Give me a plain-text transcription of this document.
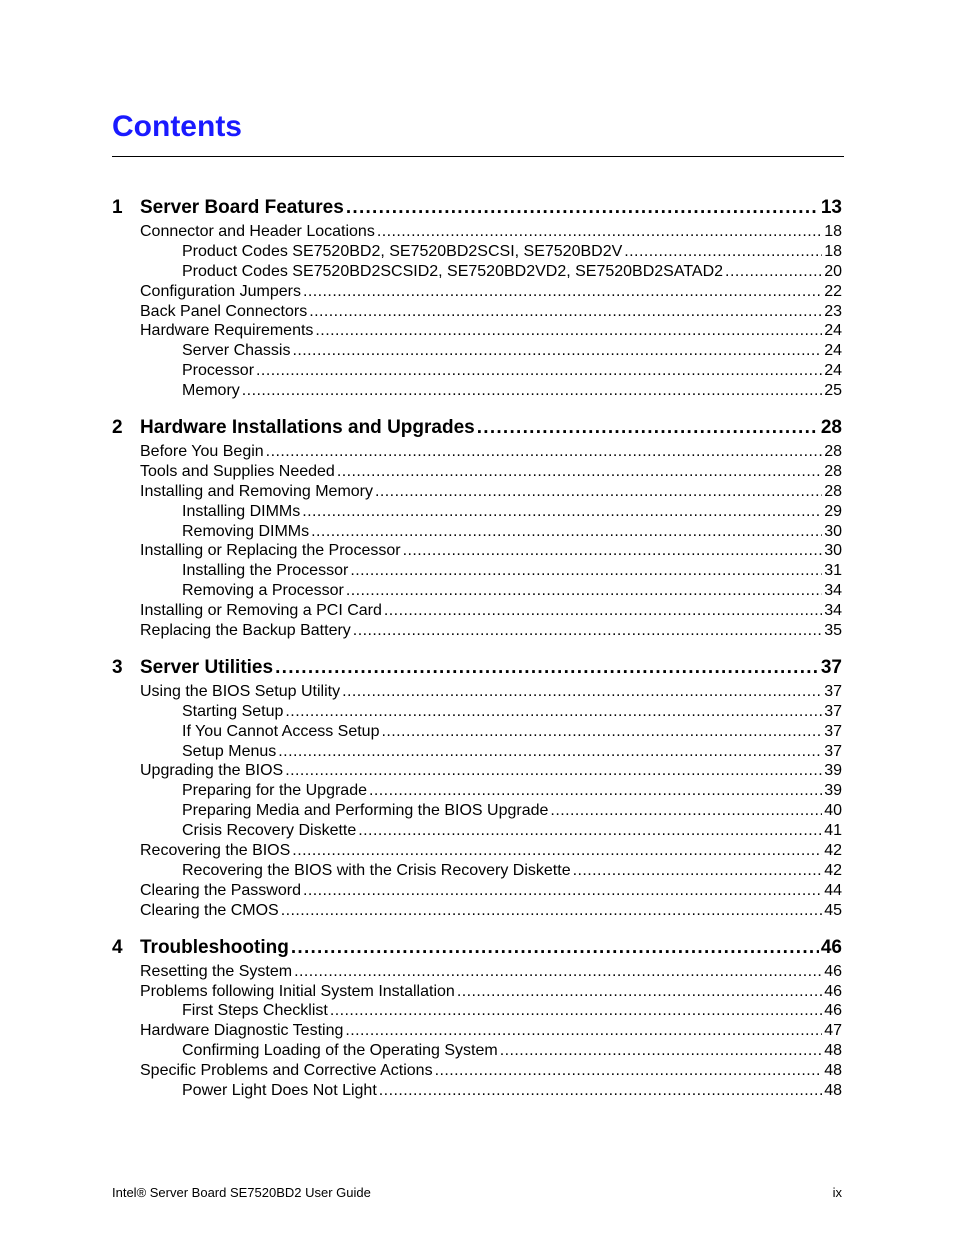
Contents
1 Server Board Features . . .	13
Connector and Header Locations . . .	18
Product Codes SE7520BD2, SE7520BD2SCSI, SE7520BD2V . . .	18
Product Codes SE7520BD2SCSID2, SE7520BD2VD2, SE7520BD2SATAD2 . . .	20
Configuration Jumpers . . .	22
Back Panel Connectors . . .	23
Hardware Requirements . . .	24
Server Chassis . . .	24
Processor . . .	24
Memory . . .	25
2 Hardware Installations and Upgrades . . .	28
Before You Begin . . .	28
Tools and Supplies Needed . . .	28
Installing and Removing Memory . . .	28
Installing DIMMs . . .	29
Removing DIMMs . . .	30
Installing or Replacing the Processor . . .	30
Installing the Processor . . .	31
Removing a Processor . . .	34
Installing or Removing a PCI Card . . .	34
Replacing the Backup Battery . . .	35
3 Server Utilities . . .	37
Using the BIOS Setup Utility . . .	37
Starting Setup . . .	37
If You Cannot Access Setup . . .	37
Setup Menus . . .	37
Upgrading the BIOS . . .	39
Preparing for the Upgrade . . .	39
Preparing Media and Performing the BIOS Upgrade . . .	40
Crisis Recovery Diskette . . .	41
Recovering the BIOS . . .	42
Recovering the BIOS with the Crisis Recovery Diskette . . .	42
Clearing the Password . . .	44
Clearing the CMOS . . .	45
4 Troubleshooting . . .	46
Resetting the System . . .	46
Problems following Initial System Installation . . .	46
First Steps Checklist . . .	46
Hardware Diagnostic Testing . . .	47
Confirming Loading of the Operating System . . .	48
Specific Problems and Corrective Actions . . .	48
Power Light Does Not Light . . .	48
Intel® Server Board SE7520BD2 User Guide	ix
